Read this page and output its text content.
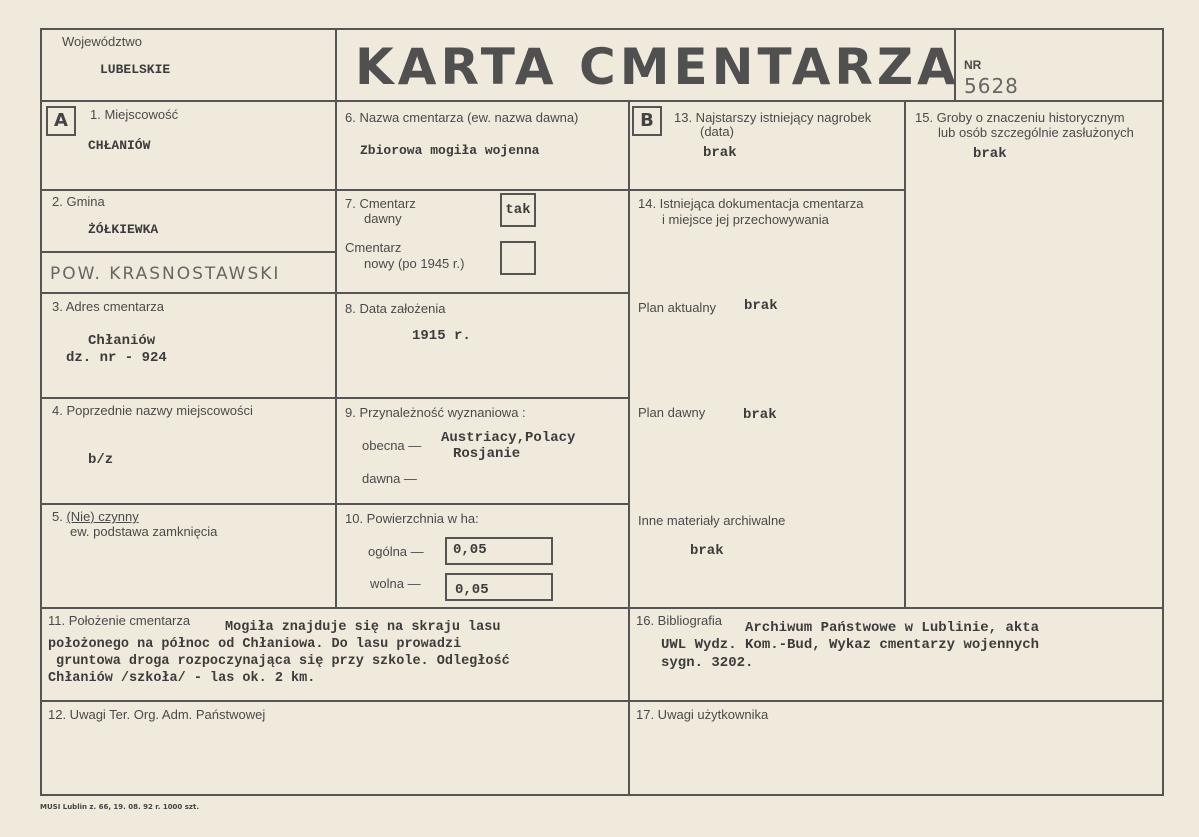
Województwo
LUBELSKIE	KARTA CMENTARZA NR
5628
A	B
1. Miejscowość
CHŁANIÓW
2. Gmina
ŻÓŁKIEWKA
POW. KRASNOSTAWSKI
3. Adres cmentarza
Chłaniów
dz. nr - 924
4. Poprzednie nazwy miejscowości
b/z
5. (Nie) czynny
ew. podstawa zamknięcia
6. Nazwa cmentarza (ew. nazwa dawna)
Zbiorowa mogiła wojenna
7. Cmentarz
dawny
tak
Cmentarz
nowy (po 1945 r.)
8. Data założenia
1915 r.
9. Przynależność wyznaniowa :
obecna — Austriacy,Polacy
Rosjanie
dawna —
10. Powierzchnia w ha:
ogólna —	0,05
wolna —	0,05
11. Położenie cmentarza	Mogiła znajduje się na skraju lasu
położonego na północ od Chłaniowa. Do lasu prowadzi
gruntowa droga rozpoczynająca się przy szkole. Odległość
Chłaniów /szkoła/ - las ok. 2 km.
12. Uwagi Ter. Org. Adm. Państwowej
13. Najstarszy istniejący nagrobek
(data)
brak
14. Istniejąca dokumentacja cmentarza
i miejsce jej przechowywania
Plan aktualny brak
Plan dawny	brak
Inne materiały archiwalne
brak
15. Groby o znaczeniu historycznym
lub osób szczególnie zasłużonych
brak
16. Bibliografia Archiwum Państwowe w Lublinie, akta
UWL Wydz. Kom.-Bud, Wykaz cmentarzy wojennych
sygn. 3202.
17. Uwagi użytkownika
MUSI Lublin z. 66, 19. 08. 92 r. 1000 szt.
